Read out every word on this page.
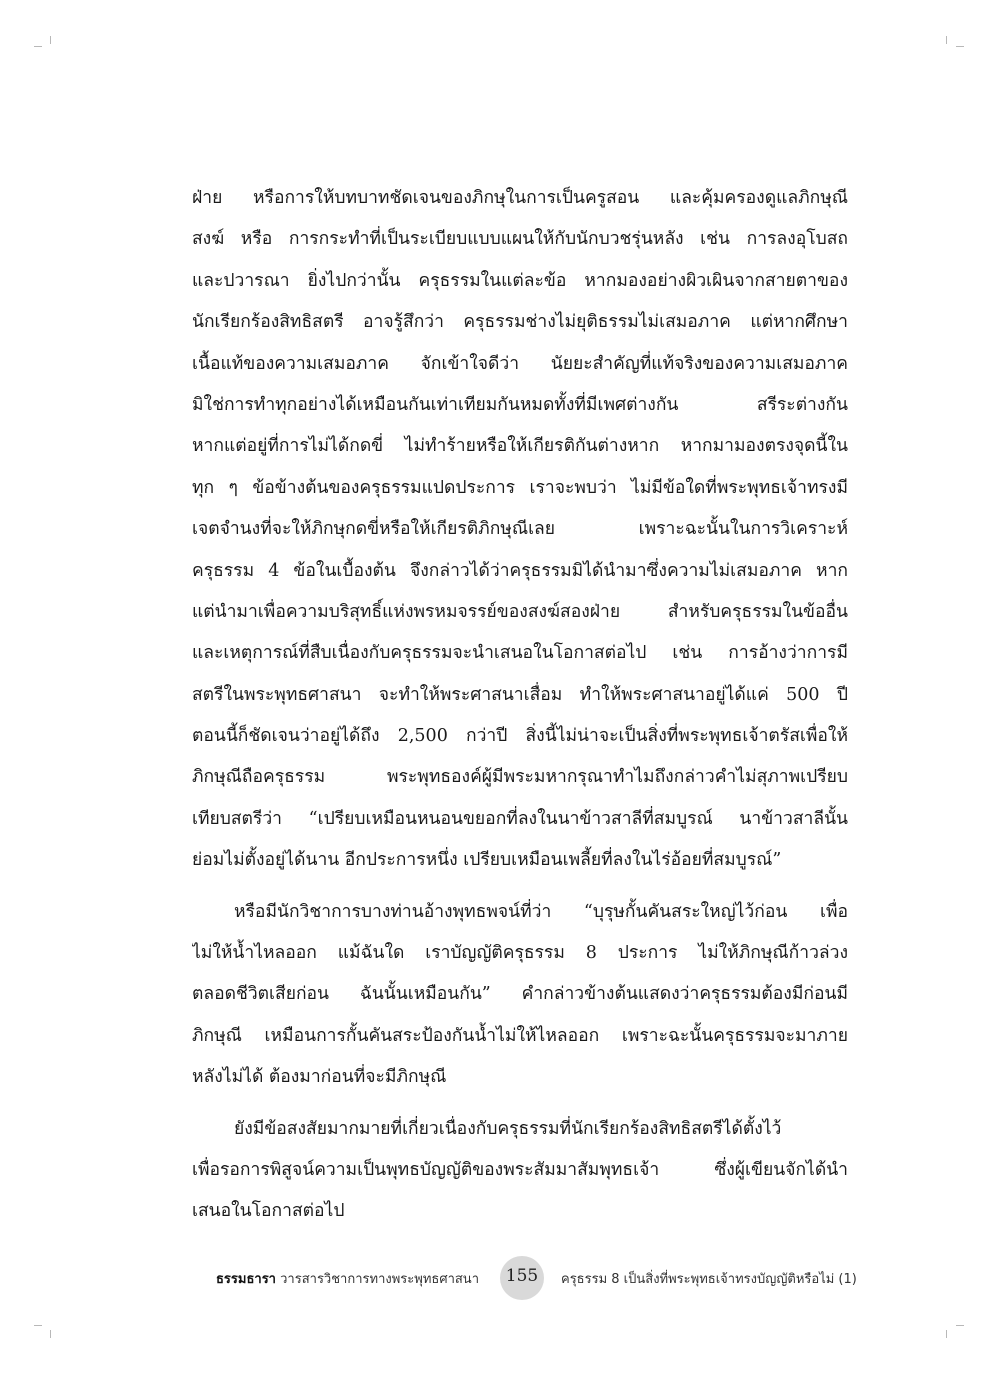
ฝ่าย หรือการให้บทบาทชัดเจนของภิกษุในการเป็นครูสอน และคุ้มครองดูแลภิกษุณี
สงฆ์ หรือ การกระทำที่เป็นระเบียบแบบแผนให้กับนักบวชรุ่นหลัง เช่น การลงอุโบสถ
และปวารณา ยิ่งไปกว่านั้น ครุธรรมในแต่ละข้อ หากมองอย่างผิวเผินจากสายตาของ
นักเรียกร้องสิทธิสตรี อาจรู้สึกว่า ครุธรรมช่างไม่ยุติธรรมไม่เสมอภาค แต่หากศึกษา
เนื้อแท้ของความเสมอภาค จักเข้าใจดีว่า นัยยะสำคัญที่แท้จริงของความเสมอภาค
มิใช่การทำทุกอย่างได้เหมือนกันเท่าเทียมกันหมดทั้งที่มีเพศต่างกัน สรีระต่างกัน
หากแต่อยู่ที่การไม่ได้กดขี่ ไม่ทำร้ายหรือให้เกียรติกันต่างหาก หากมามองตรงจุดนี้ใน
ทุก ๆ ข้อข้างต้นของครุธรรมแปดประการ เราจะพบว่า ไม่มีข้อใดที่พระพุทธเจ้าทรงมี
เจตจำนงที่จะให้ภิกษุกดขี่หรือให้เกียรติภิกษุณีเลย เพราะฉะนั้นในการวิเคราะห์
ครุธรรม 4 ข้อในเบื้องต้น จึงกล่าวได้ว่าครุธรรมมิได้นำมาซึ่งความไม่เสมอภาค หาก
แต่นำมาเพื่อความบริสุทธิ์แห่งพรหมจรรย์ของสงฆ์สองฝ่าย สำหรับครุธรรมในข้ออื่น
และเหตุการณ์ที่สืบเนื่องกับครุธรรมจะนำเสนอในโอกาสต่อไป เช่น การอ้างว่าการมี
สตรีในพระพุทธศาสนา จะทำให้พระศาสนาเสื่อม ทำให้พระศาสนาอยู่ได้แค่ 500 ปี
ตอนนี้ก็ชัดเจนว่าอยู่ได้ถึง 2,500 กว่าปี สิ่งนี้ไม่น่าจะเป็นสิ่งที่พระพุทธเจ้าตรัสเพื่อให้
ภิกษุณีถือครุธรรม พระพุทธองค์ผู้มีพระมหากรุณาทำไมถึงกล่าวคำไม่สุภาพเปรียบ
เทียบสตรีว่า “เปรียบเหมือนหนอนขยอกที่ลงในนาข้าวสาลีที่สมบูรณ์ นาข้าวสาลีนั้น
ย่อมไม่ตั้งอยู่ได้นาน อีกประการหนึ่ง เปรียบเหมือนเพลี้ยที่ลงในไร่อ้อยที่สมบูรณ์”
หรือมีนักวิชาการบางท่านอ้างพุทธพจน์ที่ว่า “บุรุษกั้นคันสระใหญ่ไว้ก่อน เพื่อ
ไม่ให้น้ำไหลออก แม้ฉันใด เราบัญญัติครุธรรม 8 ประการ ไม่ให้ภิกษุณีก้าวล่วง
ตลอดชีวิตเสียก่อน ฉันนั้นเหมือนกัน” คำกล่าวข้างต้นแสดงว่าครุธรรมต้องมีก่อนมี
ภิกษุณี เหมือนการกั้นคันสระป้องกันน้ำไม่ให้ไหลออก เพราะฉะนั้นครุธรรมจะมาภาย
หลังไม่ได้ ต้องมาก่อนที่จะมีภิกษุณี
ยังมีข้อสงสัยมากมายที่เกี่ยวเนื่องกับครุธรรมที่นักเรียกร้องสิทธิสตรีได้ตั้งไว้
เพื่อรอการพิสูจน์ความเป็นพุทธบัญญัติของพระสัมมาสัมพุทธเจ้า ซึ่งผู้เขียนจักได้นำ
เสนอในโอกาสต่อไป
ธรรมธารา วารสารวิชาการทางพระพุทธศาสนา	155	ครุธรรม 8 เป็นสิ่งที่พระพุทธเจ้าทรงบัญญัติหรือไม่ (1)
